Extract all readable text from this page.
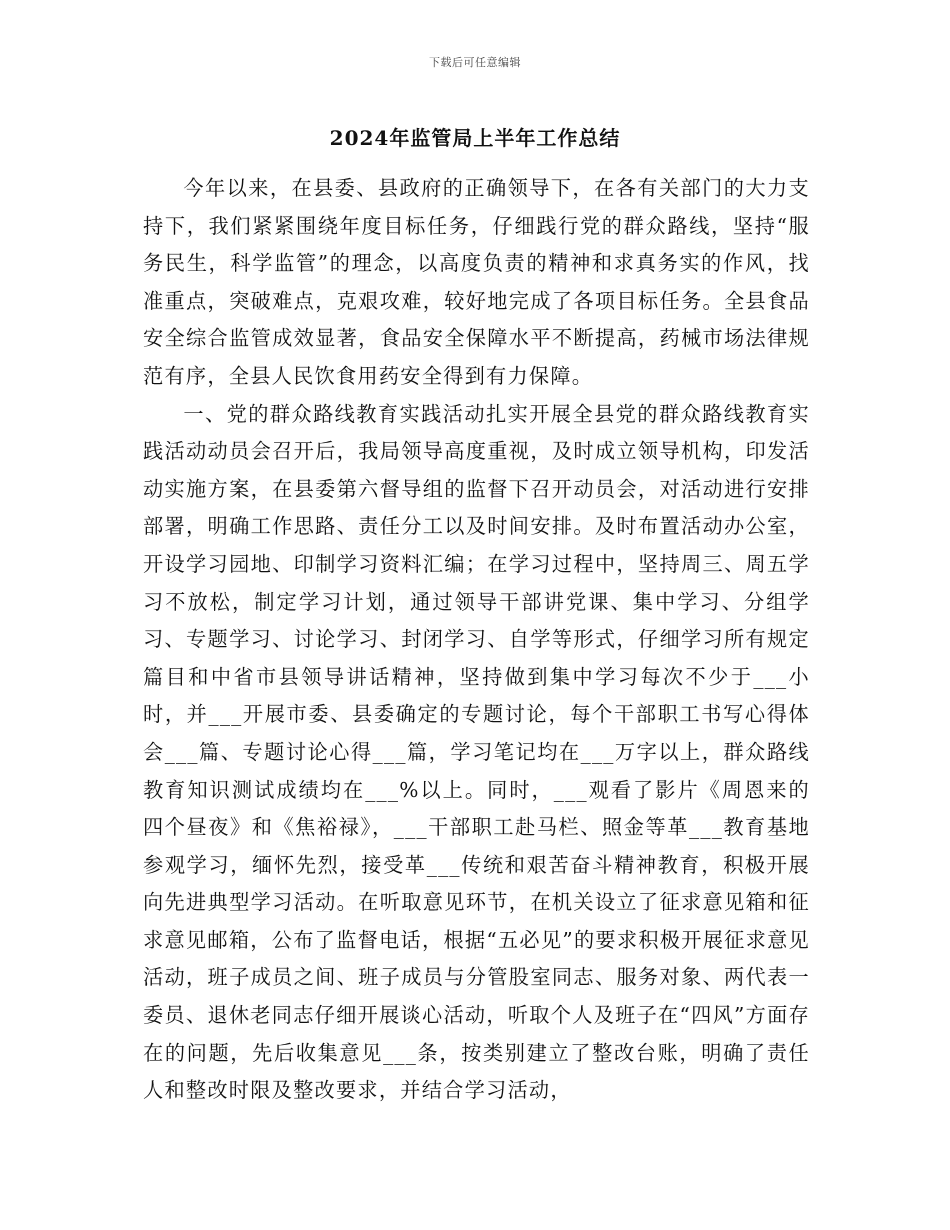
下载后可任意编辑
2024年监管局上半年工作总结

今年以来，在县委、县政府的正确领导下，在各有关部门的大力支持下，我们紧紧围绕年度目标任务，仔细践行党的群众路线，坚持“服务民生，科学监管”的理念，以高度负责的精神和求真务实的作风，找准重点，突破难点，克艰攻难，较好地完成了各项目标任务。全县食品安全综合监管成效显著，食品安全保障水平不断提高，药械市场法律规范有序，全县人民饮食用药安全得到有力保障。

一、党的群众路线教育实践活动扎实开展全县党的群众路线教育实践活动动员会召开后，我局领导高度重视，及时成立领导机构，印发活动实施方案，在县委第六督导组的监督下召开动员会，对活动进行安排部署，明确工作思路、责任分工以及时间安排。及时布置活动办公室，开设学习园地、印制学习资料汇编；在学习过程中，坚持周三、周五学习不放松，制定学习计划，通过领导干部讲党课、集中学习、分组学习、专题学习、讨论学习、封闭学习、自学等形式，仔细学习所有规定篇目和中省市县领导讲话精神，坚持做到集中学习每次不少于___小时，并___开展市委、县委确定的专题讨论，每个干部职工书写心得体会___篇、专题讨论心得___篇，学习笔记均在___万字以上，群众路线教育知识测试成绩均在___%以上。同时，___观看了影片《周恩来的四个昼夜》和《焦裕禄》，___干部职工赴马栏、照金等革___教育基地参观学习，缅怀先烈，接受革___传统和艰苦奋斗精神教育，积极开展向先进典型学习活动。在听取意见环节，在机关设立了征求意见箱和征求意见邮箱，公布了监督电话，根据“五必见”的要求积极开展征求意见活动，班子成员之间、班子成员与分管股室同志、服务对象、两代表一委员、退休老同志仔细开展谈心活动，听取个人及班子在“四风”方面存在的问题，先后收集意见___条，按类别建立了整改台账，明确了责任人和整改时限及整改要求，并结合学习活动，
